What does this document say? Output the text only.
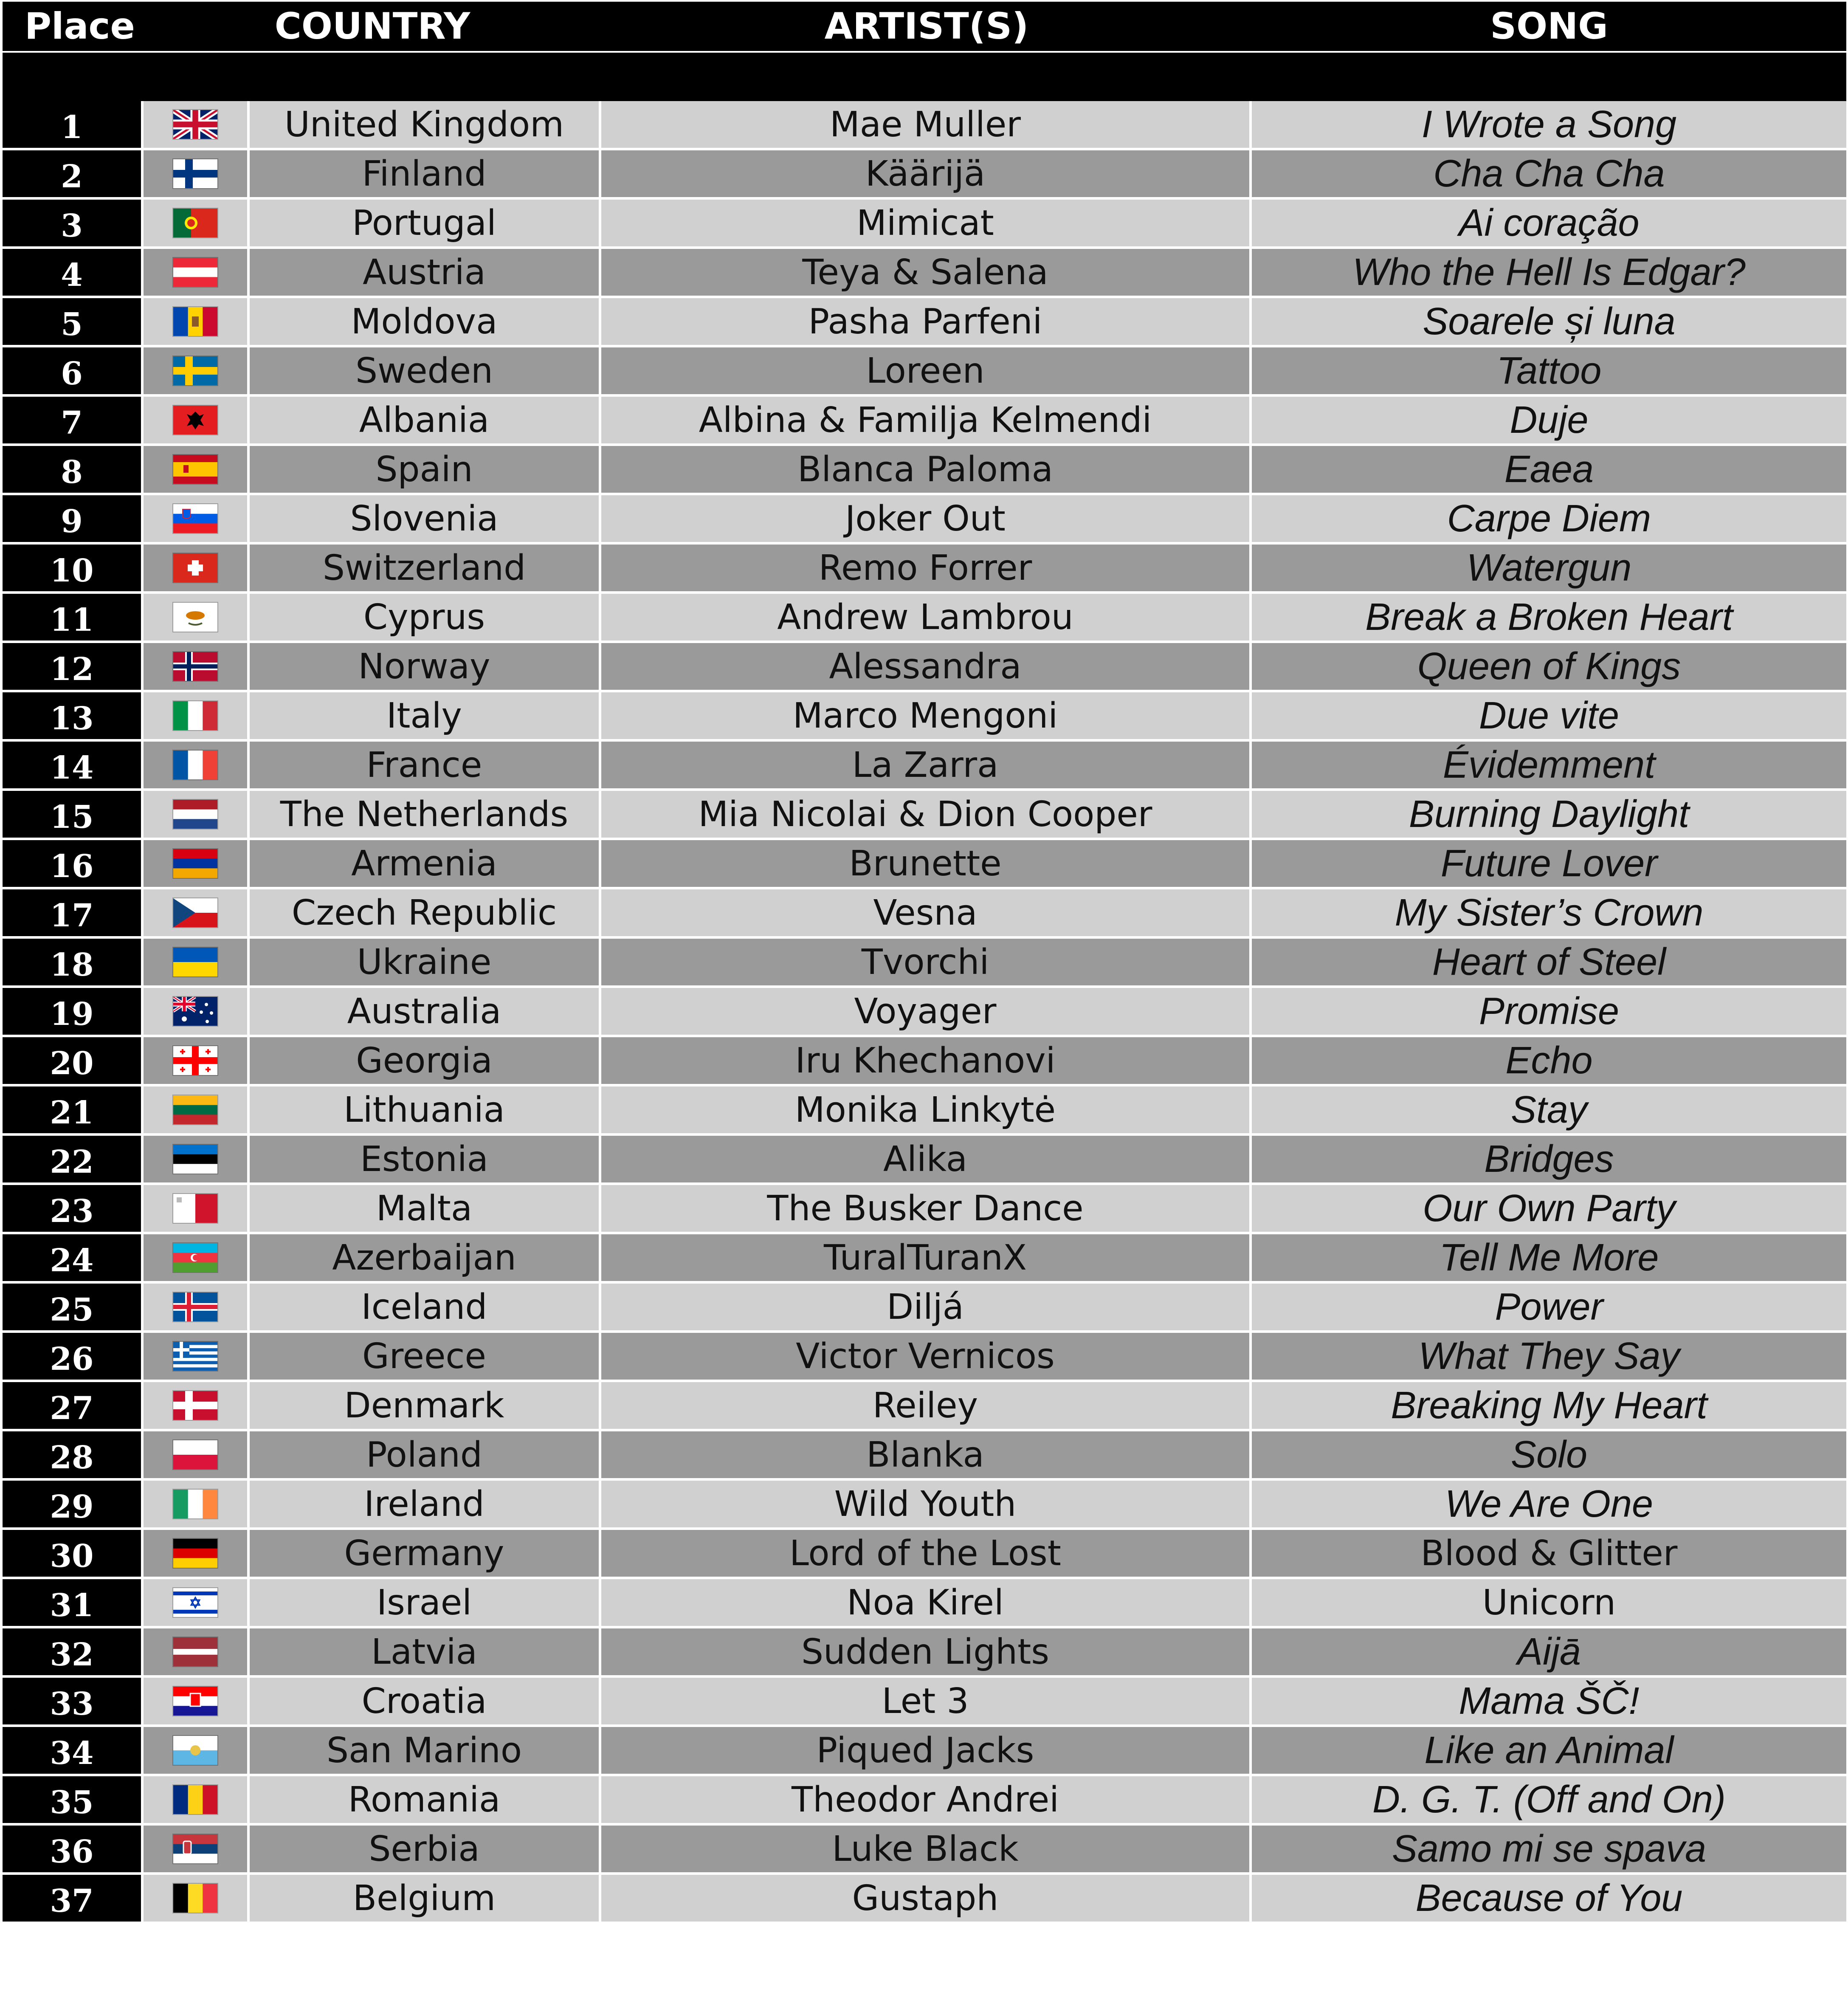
Place	COUNTRY	ARTIST(S)	SONG
1	United Kingdom	Mae Muller	I Wrote a Song
2	Finland	Käärijä	Cha Cha Cha
3	Portugal	Mimicat	Ai coração
4	Austria	Teya & Salena	Who the Hell Is Edgar?
5	Moldova	Pasha Parfeni	Soarele și luna
6	Sweden	Loreen	Tattoo
7	Albania	Albina & Familja Kelmendi	Duje
8	Spain	Blanca Paloma	Eaea
9	Slovenia	Joker Out	Carpe Diem
10	Switzerland	Remo Forrer	Watergun
11	Cyprus	Andrew Lambrou	Break a Broken Heart
12	Norway	Alessandra	Queen of Kings
13	Italy	Marco Mengoni	Due vite
14	France	La Zarra	Évidemment
15	The Netherlands	Mia Nicolai & Dion Cooper	Burning Daylight
16	Armenia	Brunette	Future Lover
17	Czech Republic	Vesna	My Sister’s Crown
18	Ukraine	Tvorchi	Heart of Steel
19	Australia	Voyager	Promise
20	Georgia	Iru Khechanovi	Echo
21	Lithuania	Monika Linkytė	Stay
22	Estonia	Alika	Bridges
23	Malta	The Busker Dance	Our Own Party
24	Azerbaijan	TuralTuranX	Tell Me More
25	Iceland	Diljá	Power
26	Greece	Victor Vernicos	What They Say
27	Denmark	Reiley	Breaking My Heart
28	Poland	Blanka	Solo
29	Ireland	Wild Youth	We Are One
30	Germany	Lord of the Lost	Blood & Glitter
31	Israel	Noa Kirel	Unicorn
32	Latvia	Sudden Lights	Aijā
33	Croatia	Let 3	Mama ŠČ!
34	San Marino	Piqued Jacks	Like an Animal
35	Romania	Theodor Andrei	D. G. T. (Off and On)
36	Serbia	Luke Black	Samo mi se spava
37	Belgium	Gustaph	Because of You
